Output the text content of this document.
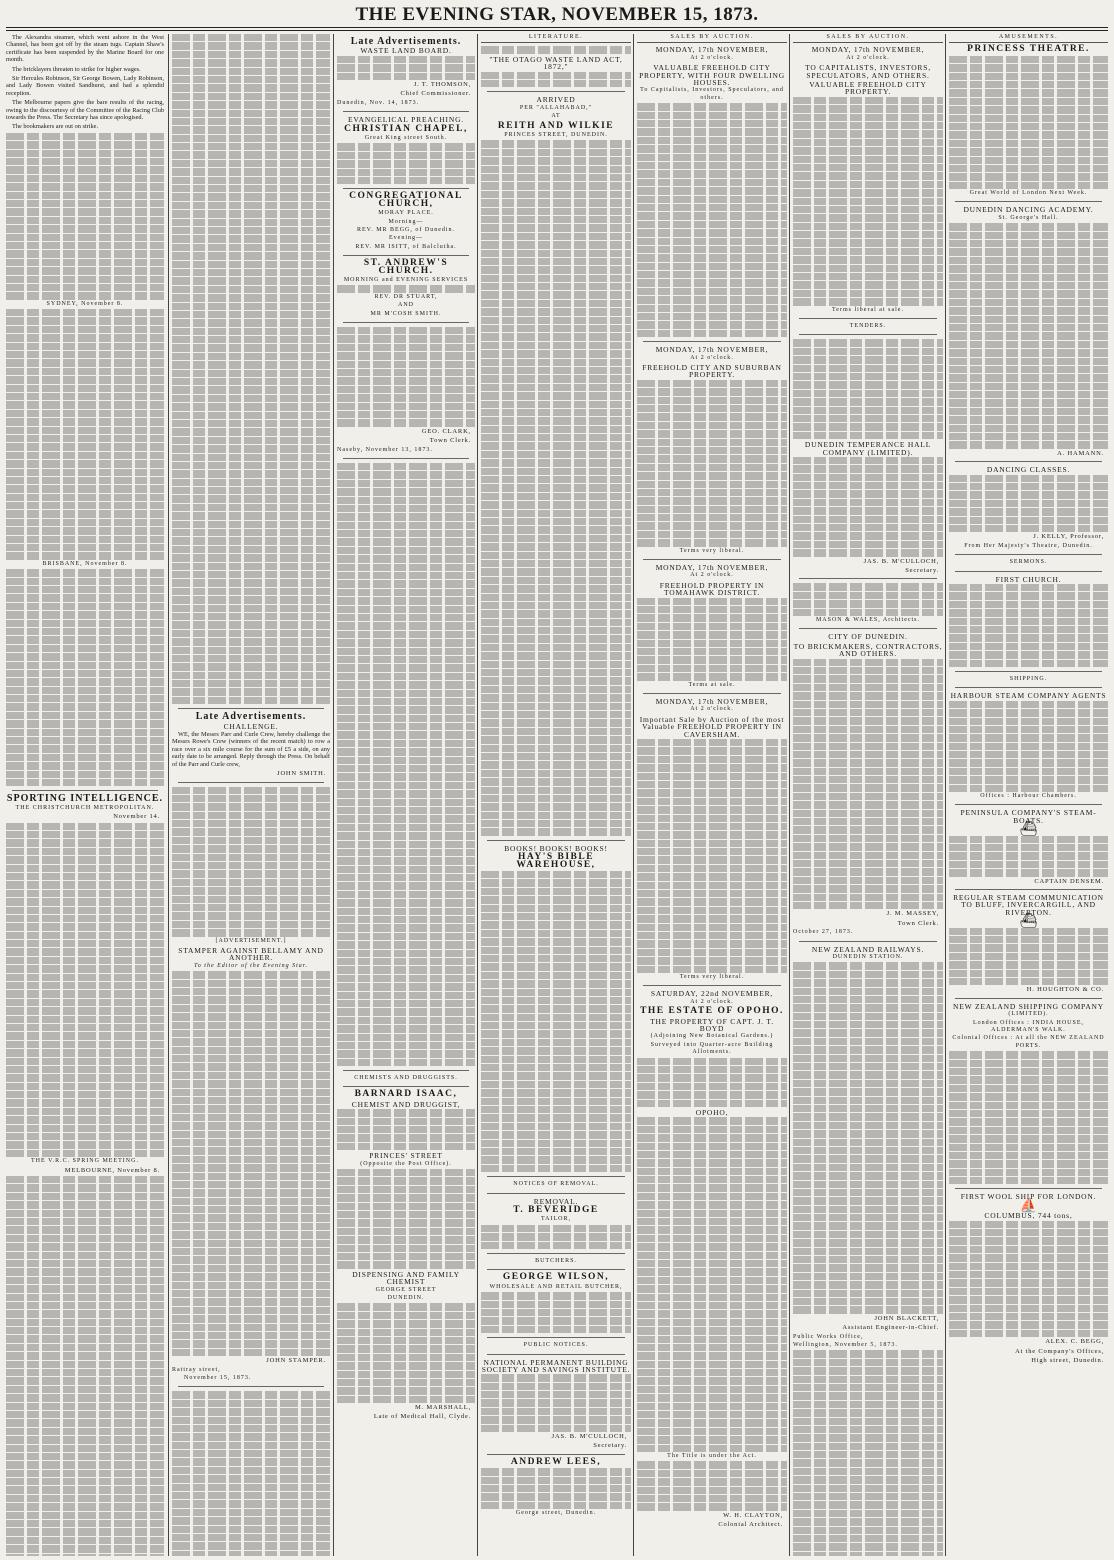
THE EVENING STAR, NOVEMBER 15, 1873.

The Alexandra steamer, which went ashore in the West Channel, has been got off by the steam tugs. Captain Shaw's certificate has been suspended by the Marine Board for one month.

The bricklayers threaten to strike for higher wages.

Sir Hercules Robinson, Sir George Bowen, Lady Robinson, and Lady Bowen visited Sandhurst, and had a splendid reception.

The Melbourne papers give the bare results of the racing, owing to the discourtesy of the Committee of the Racing Club towards the Press. The Secretary has since apologised.

The bookmakers are out on strike.

SYDNEY, November 8.
BRISBANE, November 8.
SPORTING INTELLIGENCE.
THE CHRISTCHURCH METROPOLITAN.
November 14.
THE V.R.C. SPRING MEETING.
MELBOURNE, November 8.
Late Advertisements.
CHALLENGE.

WE, the Messrs Parr and Curle Crew, hereby challenge the Messrs Rowe's Crew (winners of the recent match) to row a race over a six mile course for the sum of £5 a side, on any early date to be arranged. Reply through the Press. On behalf of the Parr and Curle crew,

JOHN SMITH.
[ADVERTISEMENT.]
STAMPER AGAINST BELLAMY AND ANOTHER.
To the Editor of the Evening Star.
JOHN STAMPER.
Rattray street,
November 15, 1873.
Late Advertisements.
WASTE LAND BOARD.
J. T. THOMSON,
Chief Commissioner.
Dunedin, Nov. 14, 1873.
EVANGELICAL PREACHING.
CHRISTIAN CHAPEL,
Great King street South.
CONGREGATIONAL CHURCH,
MORAY PLACE.
Morning—
REV. MR BEGG, of Dunedin.
Evening—
REV. MR ISITT, of Balclutha.
ST. ANDREW'S CHURCH.
MORNING and EVENING SERVICES
REV. DR STUART,
AND
MR M'COSH SMITH.
GEO. CLARK,
Town Clerk.
Naseby, November 13, 1873.
CHEMISTS AND DRUGGISTS.
BARNARD ISAAC,
CHEMIST AND DRUGGIST,
PRINCES' STREET
(Opposite the Post Office).
DISPENSING AND FAMILY CHEMIST
GEORGE STREET
DUNEDIN.
M. MARSHALL,
Late of Medical Hall, Clyde.
LITERATURE.
"THE OTAGO WASTE LAND ACT, 1872,"
ARRIVED
PER "ALLAHABAD,"
AT
REITH AND WILKIE
PRINCES STREET, DUNEDIN.
BOOKS! BOOKS! BOOKS!
HAY'S BIBLE WAREHOUSE,
NOTICES OF REMOVAL.
REMOVAL.
T. BEVERIDGE
TAILOR,
BUTCHERS.
GEORGE WILSON,
WHOLESALE AND RETAIL BUTCHER,
PUBLIC NOTICES.
NATIONAL PERMANENT BUILDING SOCIETY AND SAVINGS INSTITUTE.
JAS. B. M'CULLOCH,
Secretary.
ANDREW LEES,
George street, Dunedin.
SALES BY AUCTION.
MONDAY, 17th NOVEMBER,
At 2 o'clock.
VALUABLE FREEHOLD CITY PROPERTY, WITH FOUR DWELLING HOUSES.
To Capitalists, Investors, Speculators, and others.
MONDAY, 17th NOVEMBER,
At 2 o'clock.
FREEHOLD CITY AND SUBURBAN PROPERTY.
Terms very liberal.
MONDAY, 17th NOVEMBER,
At 2 o'clock.
FREEHOLD PROPERTY IN TOMAHAWK DISTRICT.
Terms at sale.
MONDAY, 17th NOVEMBER,
At 2 o'clock.
Important Sale by Auction of the most Valuable FREEHOLD PROPERTY IN CAVERSHAM.
Terms very liberal.
SATURDAY, 22nd NOVEMBER,
At 2 o'clock.
THE ESTATE OF OPOHO.
THE PROPERTY OF CAPT. J. T. BOYD
(Adjoining New Botanical Gardens.)
Surveyed into Quarter-acre Building Allotments.
OPOHO,
The Title is under the Act.
W. H. CLAYTON,
Colonial Architect.
SALES BY AUCTION.
MONDAY, 17th NOVEMBER,
At 2 o'clock.
TO CAPITALISTS, INVESTORS, SPECULATORS, AND OTHERS.
VALUABLE FREEHOLD CITY PROPERTY.
Terms liberal at sale.
TENDERS.
DUNEDIN TEMPERANCE HALL COMPANY (LIMITED).
JAS. B. M'CULLOCH,
Secretary.
MASON & WALES, Architects.
CITY OF DUNEDIN.
TO BRICKMAKERS, CONTRACTORS, AND OTHERS.
J. M. MASSEY,
Town Clerk.
October 27, 1873.
NEW ZEALAND RAILWAYS.
DUNEDIN STATION.
JOHN BLACKETT,
Assistant Engineer-in-Chief.
Public Works Office,
Wellington, November 5, 1873.
AMUSEMENTS.
PRINCESS THEATRE.
Great World of London Next Week.
DUNEDIN DANCING ACADEMY.
St. George's Hall.
A. HAMANN.
DANCING CLASSES.
J. KELLY, Professor,
From Her Majesty's Theatre, Dunedin.
SERMONS.
FIRST CHURCH.
SHIPPING.
HARBOUR STEAM COMPANY AGENTS
Offices : Harbour Chambers.
PENINSULA COMPANY'S STEAM-BOATS.
⛴
CAPTAIN DENSEM.
REGULAR STEAM COMMUNICATION TO BLUFF, INVERCARGILL, AND RIVERTON.
⛴
H. HOUGHTON & CO.
NEW ZEALAND SHIPPING COMPANY
(LIMITED).
London Offices : INDIA HOUSE, ALDERMAN'S WALK.
Colonial Offices : At all the NEW ZEALAND PORTS.
FIRST WOOL SHIP FOR LONDON.
⛵
COLUMBUS, 744 tons,
ALEX. C. BEGG,
At the Company's Offices,
High street, Dunedin.
